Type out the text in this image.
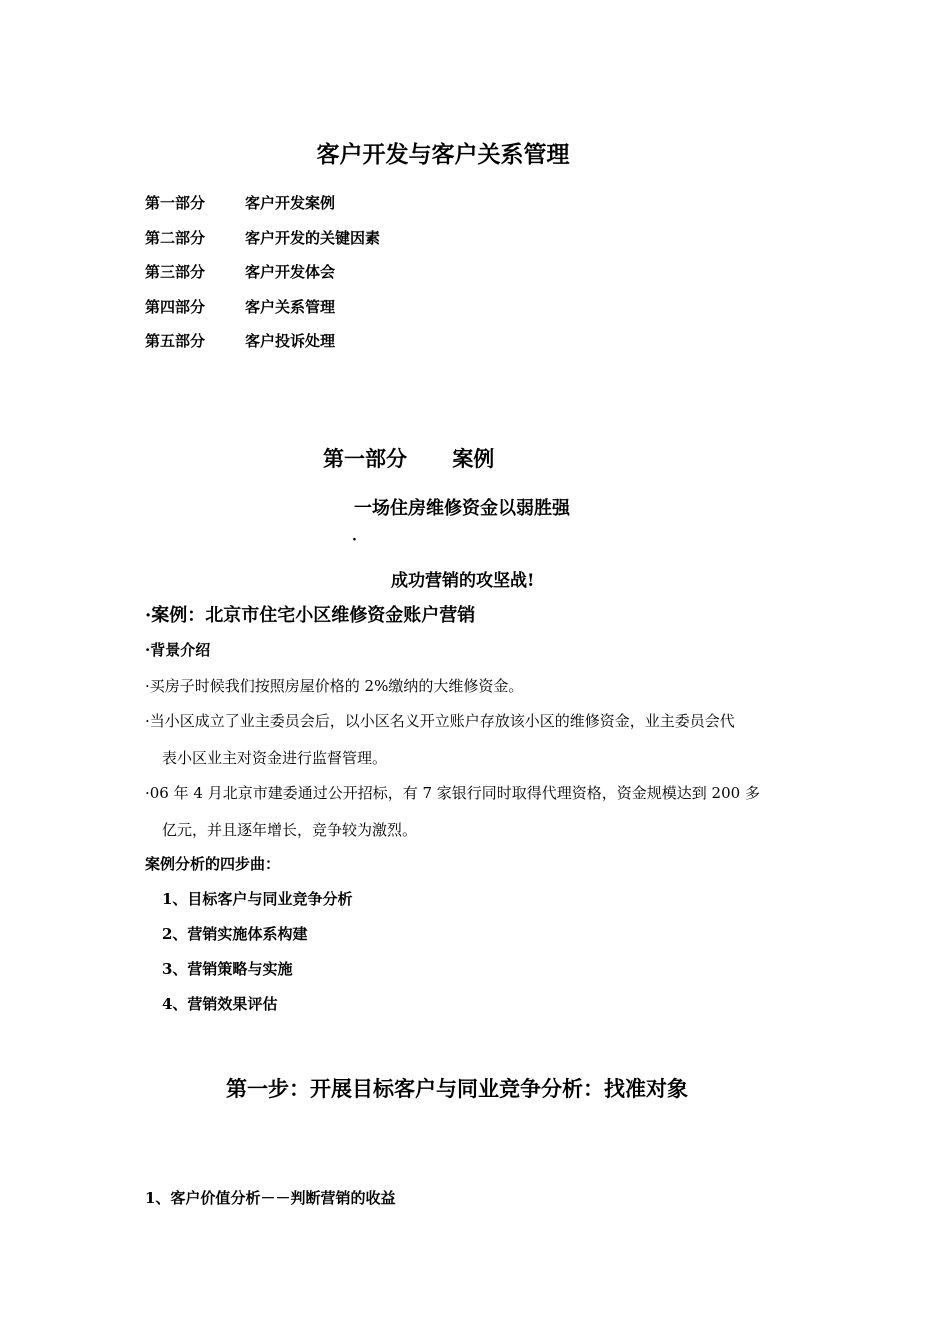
客户开发与客户关系管理
第一部分	客户开发案例
第二部分	客户开发的关键因素
第三部分	客户开发体会
第四部分	客户关系管理
第五部分	客户投诉处理
第一部分 案例
一场住房维修资金以弱胜强
·
成功营销的攻坚战!
·案例：北京市住宅小区维修资金账户营销
·背景介绍
·买房子时候我们按照房屋价格的 2%缴纳的大维修资金。
·当小区成立了业主委员会后，以小区名义开立账户存放该小区的维修资金，业主委员会代
表小区业主对资金进行监督管理。
·06 年 4 月北京市建委通过公开招标，有 7 家银行同时取得代理资格，资金规模达到 200 多
亿元，并且逐年增长，竞争较为激烈。
案例分析的四步曲：
1、目标客户与同业竞争分析
2、营销实施体系构建
3、营销策略与实施
4、营销效果评估
第一步：开展目标客户与同业竞争分析：找准对象
1、客户价值分析－－判断营销的收益
